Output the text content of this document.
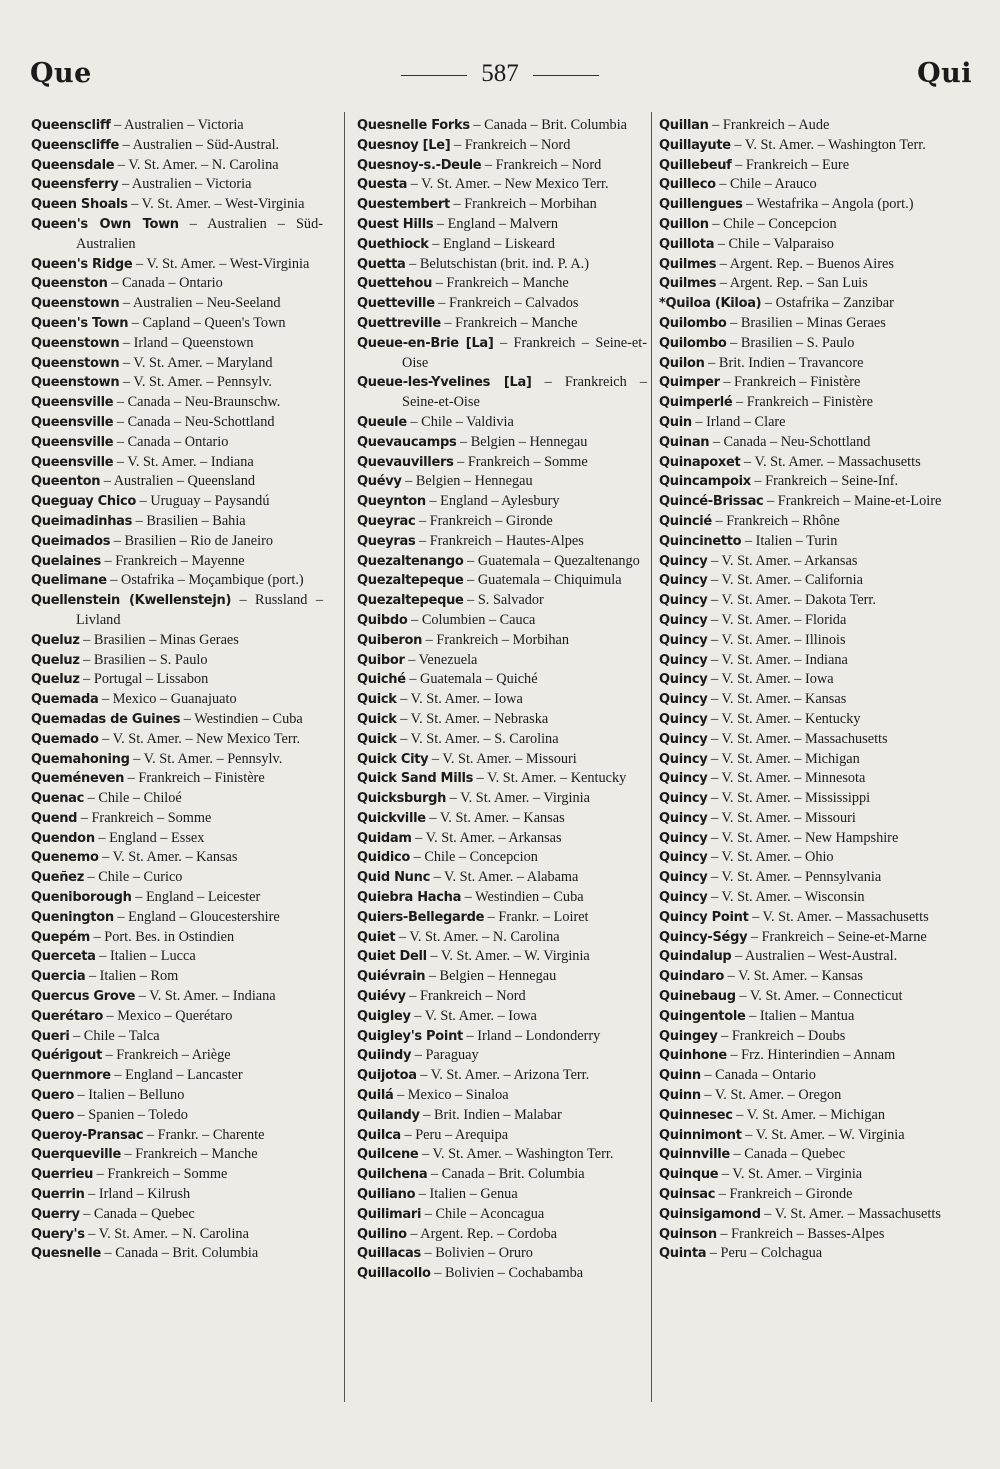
Que	587	Qui
Queenscliff – Australien – Victoria
Queenscliffe – Australien – Süd-Austral.
Queensdale – V. St. Amer. – N. Carolina
Queensferry – Australien – Victoria
Queen Shoals – V. St. Amer. – West-Virginia
Queen's Own Town – Australien – Süd-Australien
Queen's Ridge – V. St. Amer. – West-Virginia
Queenston – Canada – Ontario
Queenstown – Australien – Neu-Seeland
Queen's Town – Capland – Queen's Town
Queenstown – Irland – Queenstown
Queenstown – V. St. Amer. – Maryland
Queenstown – V. St. Amer. – Pennsylv.
Queensville – Canada – Neu-Braunschw.
Queensville – Canada – Neu-Schottland
Queensville – Canada – Ontario
Queensville – V. St. Amer. – Indiana
Queenton – Australien – Queensland
Queguay Chico – Uruguay – Paysandú
Queimadinhas – Brasilien – Bahia
Queimados – Brasilien – Rio de Janeiro
Quelaines – Frankreich – Mayenne
Quelimane – Ostafrika – Moçambique (port.)
Quellenstein (Kwellenstejn) – Russland – Livland
Queluz – Brasilien – Minas Geraes
Queluz – Brasilien – S. Paulo
Queluz – Portugal – Lissabon
Quemada – Mexico – Guanajuato
Quemadas de Guines – Westindien – Cuba
Quemado – V. St. Amer. – New Mexico Terr.
Quemahoning – V. St. Amer. – Pennsylv.
Queméneven – Frankreich – Finistère
Quenac – Chile – Chiloé
Quend – Frankreich – Somme
Quendon – England – Essex
Quenemo – V. St. Amer. – Kansas
Queñez – Chile – Curico
Queniborough – England – Leicester
Quenington – England – Gloucestershire
Quepém – Port. Bes. in Ostindien
Querceta – Italien – Lucca
Quercia – Italien – Rom
Quercus Grove – V. St. Amer. – Indiana
Querétaro – Mexico – Querétaro
Queri – Chile – Talca
Quérigout – Frankreich – Ariège
Quernmore – England – Lancaster
Quero – Italien – Belluno
Quero – Spanien – Toledo
Queroy-Pransac – Frankr. – Charente
Querqueville – Frankreich – Manche
Querrieu – Frankreich – Somme
Querrin – Irland – Kilrush
Querry – Canada – Quebec
Query's – V. St. Amer. – N. Carolina
Quesnelle – Canada – Brit. Columbia
Quesnelle Forks – Canada – Brit. Columbia
Quesnoy [Le] – Frankreich – Nord
Quesnoy-s.-Deule – Frankreich – Nord
Questa – V. St. Amer. – New Mexico Terr.
Questembert – Frankreich – Morbihan
Quest Hills – England – Malvern
Quethiock – England – Liskeard
Quetta – Belutschistan (brit. ind. P. A.)
Quettehou – Frankreich – Manche
Quetteville – Frankreich – Calvados
Quettreville – Frankreich – Manche
Queue-en-Brie [La] – Frankreich – Seine-et-Oise
Queue-les-Yvelines [La] – Frankreich – Seine-et-Oise
Queule – Chile – Valdivia
Quevaucamps – Belgien – Hennegau
Quevauvillers – Frankreich – Somme
Quévy – Belgien – Hennegau
Queynton – England – Aylesbury
Queyrac – Frankreich – Gironde
Queyras – Frankreich – Hautes-Alpes
Quezaltenango – Guatemala – Quezaltenango
Quezaltepeque – Guatemala – Chiquimula
Quezaltepeque – S. Salvador
Quibdo – Columbien – Cauca
Quiberon – Frankreich – Morbihan
Quibor – Venezuela
Quiché – Guatemala – Quiché
Quick – V. St. Amer. – Iowa
Quick – V. St. Amer. – Nebraska
Quick – V. St. Amer. – S. Carolina
Quick City – V. St. Amer. – Missouri
Quick Sand Mills – V. St. Amer. – Kentucky
Quicksburgh – V. St. Amer. – Virginia
Quickville – V. St. Amer. – Kansas
Quidam – V. St. Amer. – Arkansas
Quidico – Chile – Concepcion
Quid Nunc – V. St. Amer. – Alabama
Quiebra Hacha – Westindien – Cuba
Quiers-Bellegarde – Frankr. – Loiret
Quiet – V. St. Amer. – N. Carolina
Quiet Dell – V. St. Amer. – W. Virginia
Quiévrain – Belgien – Hennegau
Quiévy – Frankreich – Nord
Quigley – V. St. Amer. – Iowa
Quigley's Point – Irland – Londonderry
Quiindy – Paraguay
Quijotoa – V. St. Amer. – Arizona Terr.
Quilá – Mexico – Sinaloa
Quilandy – Brit. Indien – Malabar
Quilca – Peru – Arequipa
Quilcene – V. St. Amer. – Washington Terr.
Quilchena – Canada – Brit. Columbia
Quiliano – Italien – Genua
Quilimari – Chile – Aconcagua
Quilino – Argent. Rep. – Cordoba
Quillacas – Bolivien – Oruro
Quillacollo – Bolivien – Cochabamba
Quillan – Frankreich – Aude
Quillayute – V. St. Amer. – Washington Terr.
Quillebeuf – Frankreich – Eure
Quilleco – Chile – Arauco
Quillengues – Westafrika – Angola (port.)
Quillon – Chile – Concepcion
Quillota – Chile – Valparaiso
Quilmes – Argent. Rep. – Buenos Aires
Quilmes – Argent. Rep. – San Luis
*Quiloa (Kiloa) – Ostafrika – Zanzibar
Quilombo – Brasilien – Minas Geraes
Quilombo – Brasilien – S. Paulo
Quilon – Brit. Indien – Travancore
Quimper – Frankreich – Finistère
Quimperlé – Frankreich – Finistère
Quin – Irland – Clare
Quinan – Canada – Neu-Schottland
Quinapoxet – V. St. Amer. – Massachusetts
Quincampoix – Frankreich – Seine-Inf.
Quincé-Brissac – Frankreich – Maine-et-Loire
Quincié – Frankreich – Rhône
Quincinetto – Italien – Turin
Quincy – V. St. Amer. – Arkansas
Quincy – V. St. Amer. – California
Quincy – V. St. Amer. – Dakota Terr.
Quincy – V. St. Amer. – Florida
Quincy – V. St. Amer. – Illinois
Quincy – V. St. Amer. – Indiana
Quincy – V. St. Amer. – Iowa
Quincy – V. St. Amer. – Kansas
Quincy – V. St. Amer. – Kentucky
Quincy – V. St. Amer. – Massachusetts
Quincy – V. St. Amer. – Michigan
Quincy – V. St. Amer. – Minnesota
Quincy – V. St. Amer. – Mississippi
Quincy – V. St. Amer. – Missouri
Quincy – V. St. Amer. – New Hampshire
Quincy – V. St. Amer. – Ohio
Quincy – V. St. Amer. – Pennsylvania
Quincy – V. St. Amer. – Wisconsin
Quincy Point – V. St. Amer. – Massachusetts
Quincy-Ségy – Frankreich – Seine-et-Marne
Quindalup – Australien – West-Austral.
Quindaro – V. St. Amer. – Kansas
Quinebaug – V. St. Amer. – Connecticut
Quingentole – Italien – Mantua
Quingey – Frankreich – Doubs
Quinhone – Frz. Hinterindien – Annam
Quinn – Canada – Ontario
Quinn – V. St. Amer. – Oregon
Quinnesec – V. St. Amer. – Michigan
Quinnimont – V. St. Amer. – W. Virginia
Quinnville – Canada – Quebec
Quinque – V. St. Amer. – Virginia
Quinsac – Frankreich – Gironde
Quinsigamond – V. St. Amer. – Massachusetts
Quinson – Frankreich – Basses-Alpes
Quinta – Peru – Colchagua
